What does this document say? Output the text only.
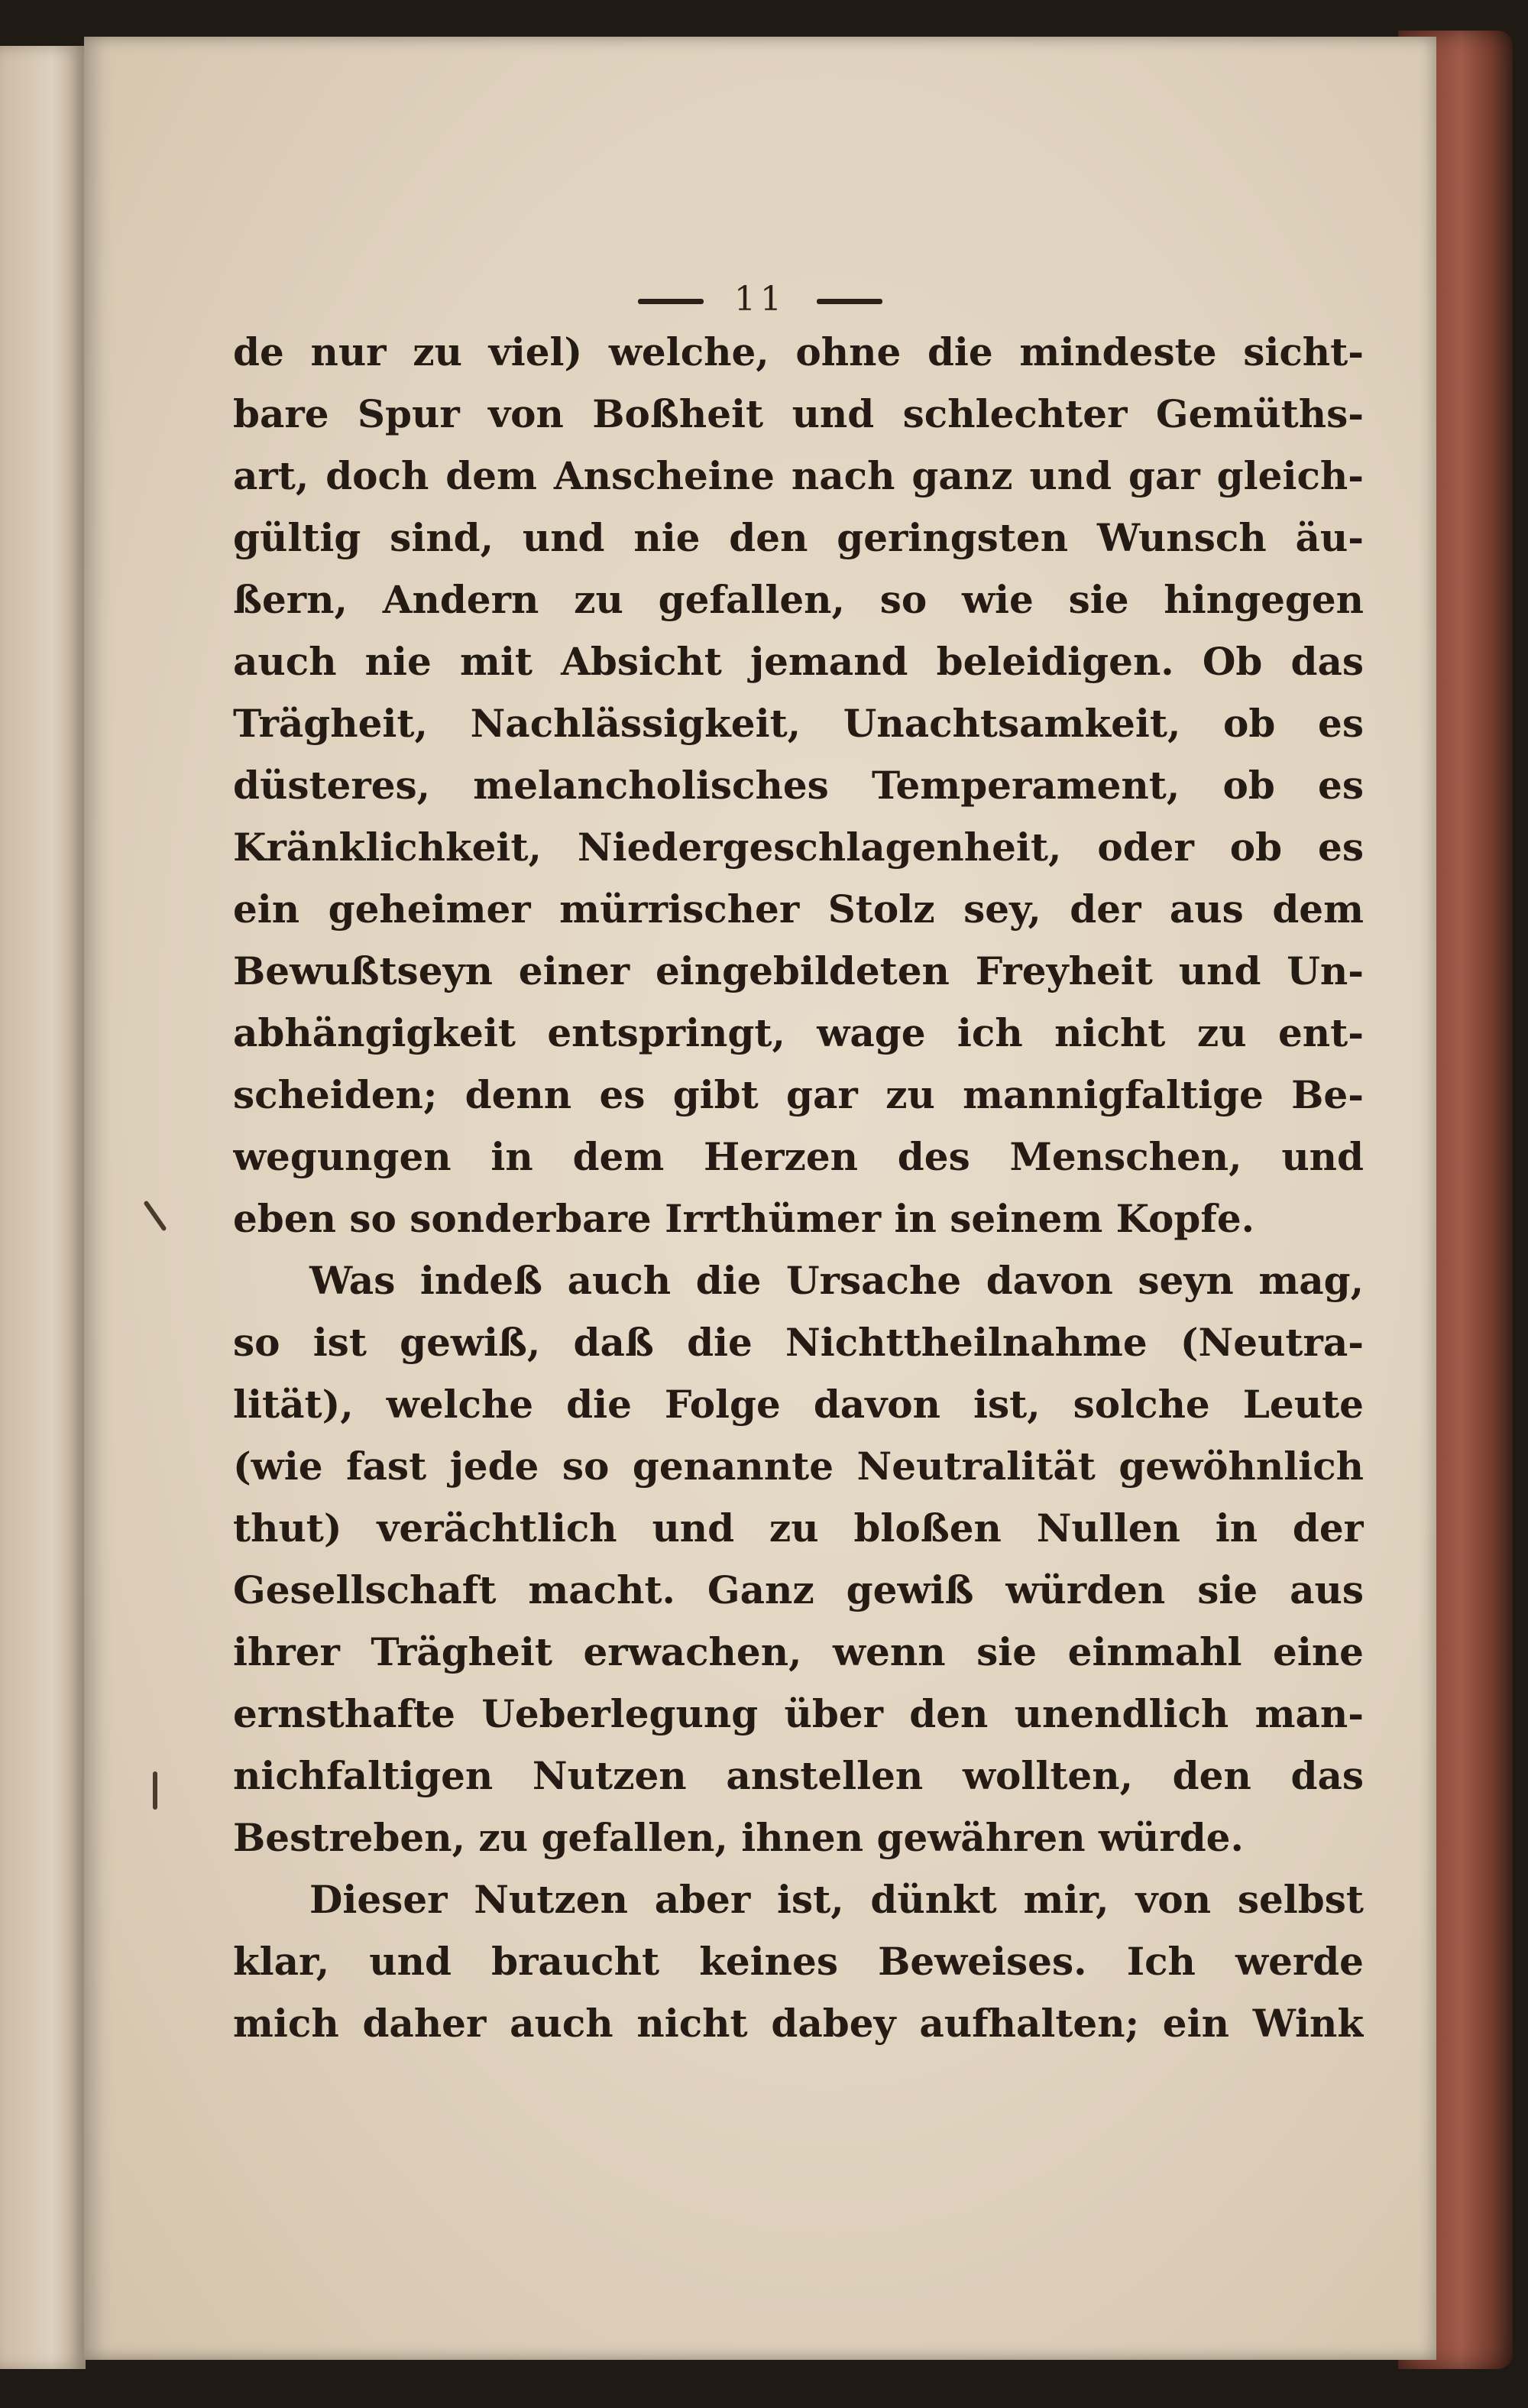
11
de nur zu viel) welche, ohne die mindeste sicht-
bare Spur von Boßheit und schlechter Gemüths-
art, doch dem Anscheine nach ganz und gar gleich-
gültig sind, und nie den geringsten Wunsch äu-
ßern, Andern zu gefallen, so wie sie hingegen
auch nie mit Absicht jemand beleidigen. Ob das
Trägheit, Nachlässigkeit, Unachtsamkeit, ob es
düsteres, melancholisches Temperament, ob es
Kränklichkeit, Niedergeschlagenheit, oder ob es
ein geheimer mürrischer Stolz sey, der aus dem
Bewußtseyn einer eingebildeten Freyheit und Un-
abhängigkeit entspringt, wage ich nicht zu ent-
scheiden; denn es gibt gar zu mannigfaltige Be-
wegungen in dem Herzen des Menschen, und
eben so sonderbare Irrthümer in seinem Kopfe.
Was indeß auch die Ursache davon seyn mag,
so ist gewiß, daß die Nichttheilnahme (Neutra-
lität), welche die Folge davon ist, solche Leute
(wie fast jede so genannte Neutralität gewöhnlich
thut) verächtlich und zu bloßen Nullen in der
Gesellschaft macht. Ganz gewiß würden sie aus
ihrer Trägheit erwachen, wenn sie einmahl eine
ernsthafte Ueberlegung über den unendlich man-
nichfaltigen Nutzen anstellen wollten, den das
Bestreben, zu gefallen, ihnen gewähren würde.
Dieser Nutzen aber ist, dünkt mir, von selbst
klar, und braucht keines Beweises. Ich werde
mich daher auch nicht dabey aufhalten; ein Wink
